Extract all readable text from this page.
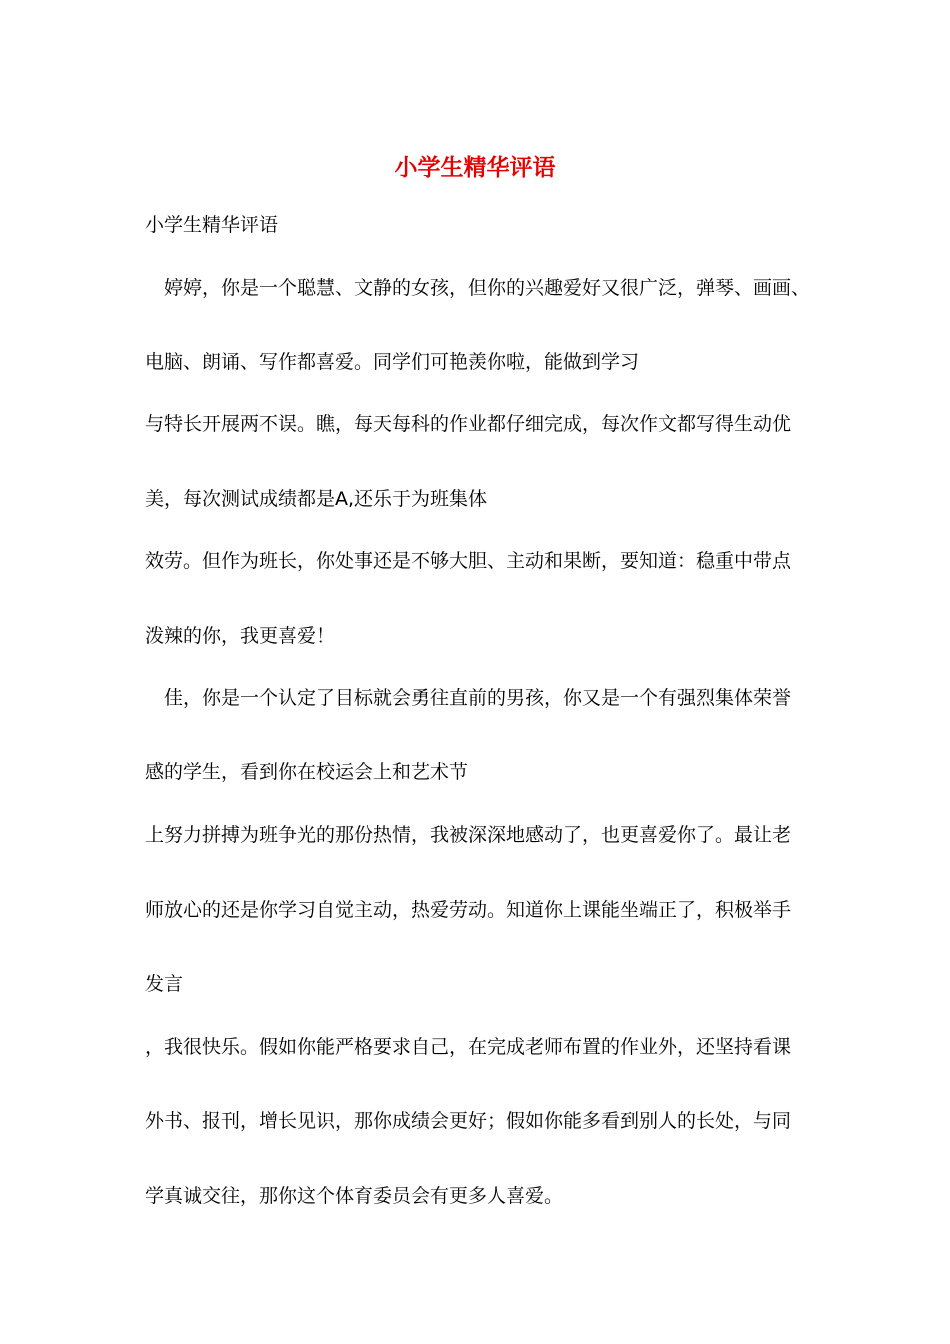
小学生精华评语

小学生精华评语

　婷婷，你是一个聪慧、文静的女孩，但你的兴趣爱好又很广泛，弹琴、画画、

电脑、朗诵、写作都喜爱。同学们可艳羡你啦，能做到学习

与特长开展两不误。瞧，每天每科的作业都仔细完成，每次作文都写得生动优

美，每次测试成绩都是A,还乐于为班集体

效劳。但作为班长，你处事还是不够大胆、主动和果断，要知道：稳重中带点

泼辣的你，我更喜爱！

　佳，你是一个认定了目标就会勇往直前的男孩，你又是一个有强烈集体荣誉

感的学生，看到你在校运会上和艺术节

上努力拼搏为班争光的那份热情，我被深深地感动了，也更喜爱你了。最让老

师放心的还是你学习自觉主动，热爱劳动。知道你上课能坐端正了，积极举手

发言

，我很快乐。假如你能严格要求自己，在完成老师布置的作业外，还坚持看课

外书、报刊，增长见识，那你成绩会更好；假如你能多看到别人的长处，与同

学真诚交往，那你这个体育委员会有更多人喜爱。
